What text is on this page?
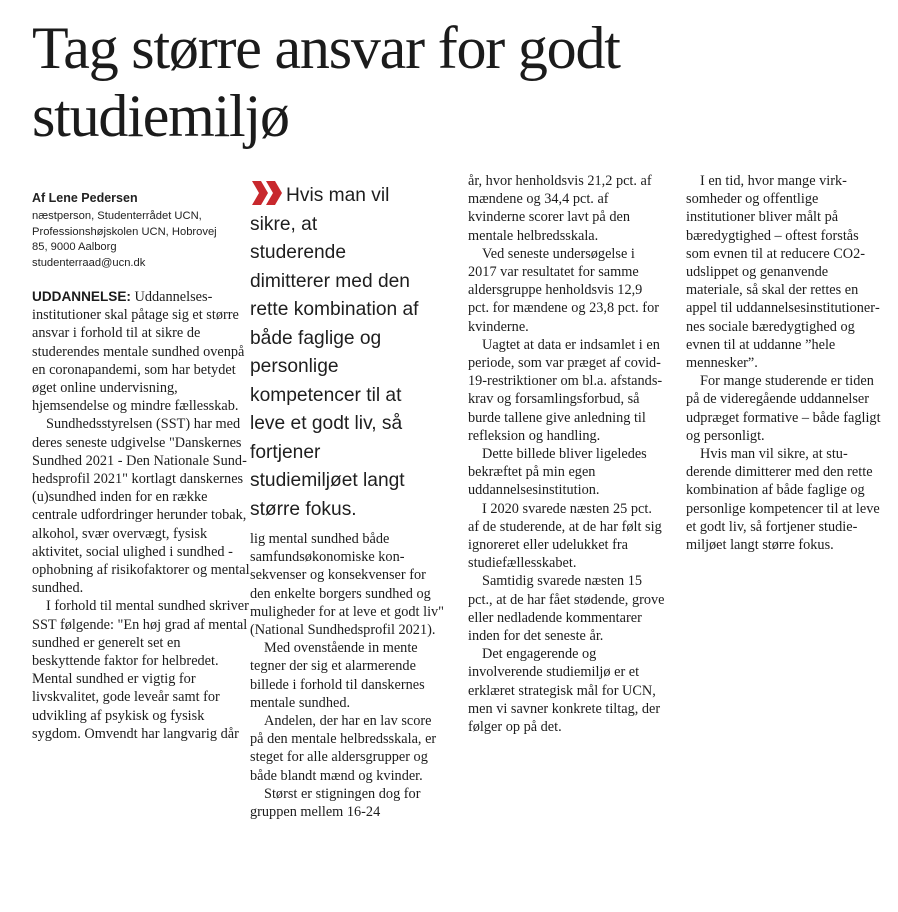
Tag større ansvar for godt studiemiljø

Af Lene Pedersen

næstperson, Studenterrådet UCN,
Professionshøjskolen UCN, Hobrovej
85, 9000 Aalborg
studenterraad@ucn.dk

UDDANNELSE: Uddannelsesinstitutioner skal påtage sig et større ansvar i forhold til at sikre de studerendes mentale sundhed ovenpå en coronapandemi, som har betydet øget online undervisning, hjemsendelse og mindre fællesskab.

Sundhedsstyrelsen (SST) har med deres seneste udgivelse "Danskernes Sundhed 2021 - Den Nationale Sundhedsprofil 2021" kortlagt danskernes (u)sundhed inden for en række centrale udfordringer herunder tobak, alkohol, svær overvægt, fysisk aktivitet, social ulighed i sundhed - ophobning af risikofaktorer og mental sundhed.

I forhold til mental sundhed skriver SST følgende: "En høj grad af mental sundhed er generelt set en beskyttende faktor for helbredet. Mental sundhed er vigtig for livskvalitet, gode leveår samt for udvikling af psykisk og fysisk sygdom. Omvendt har langvarig dår

Hvis man vil
sikre, at
studerende
dimitterer med den
rette kombination af
både faglige og
personlige
kompetencer til at
leve et godt liv, så
fortjener
studiemiljøet langt
større fokus.

lig mental sundhed både samfundsøkonomiske konsekvenser og konsekvenser for den enkelte borgers sundhed og muligheder for at leve et godt liv" (National Sundhedsprofil 2021).

Med ovenstående in mente tegner der sig et alarmerende billede i forhold til danskernes mentale sundhed.

Andelen, der har en lav score på den mentale helbredsskala, er steget for alle aldersgrupper og både blandt mænd og kvinder.

Størst er stigningen dog for gruppen mellem 16-24

år, hvor henholdsvis 21,2 pct. af mændene og 34,4 pct. af kvinderne scorer lavt på den mentale helbredsskala.

Ved seneste undersøgelse i 2017 var resultatet for samme aldersgruppe henholdsvis 12,9 pct. for mændene og 23,8 pct. for kvinderne.

Uagtet at data er indsamlet i en periode, som var præget af covid-19-restriktioner om bl.a. afstandskrav og forsamlingsforbud, så burde tallene give anledning til refleksion og handling.

Dette billede bliver ligeledes bekræftet på min egen uddannelsesinstitution.

I 2020 svarede næsten 25 pct. af de studerende, at de har følt sig ignoreret eller udelukket fra studiefællesskabet.

Samtidig svarede næsten 15 pct., at de har fået stødende, grove eller nedladende kommentarer inden for det seneste år.

Det engagerende og involverende studiemiljø er et erklæret strategisk mål for UCN, men vi savner konkrete tiltag, der følger op på det.

I en tid, hvor mange virksomheder og offentlige institutioner bliver målt på bæredygtighed – oftest forstås som evnen til at reducere CO2-udslippet og genanvende materiale, så skal der rettes en appel til uddannelsesinstitutionernes sociale bæredygtighed og evnen til at uddanne ”hele mennesker”.

For mange studerende er tiden på de videregående uddannelser udpræget formative – både fagligt og personligt.

Hvis man vil sikre, at studerende dimitterer med den rette kombination af både faglige og personlige kompetencer til at leve et godt liv, så fortjener studiemiljøet langt større fokus.
